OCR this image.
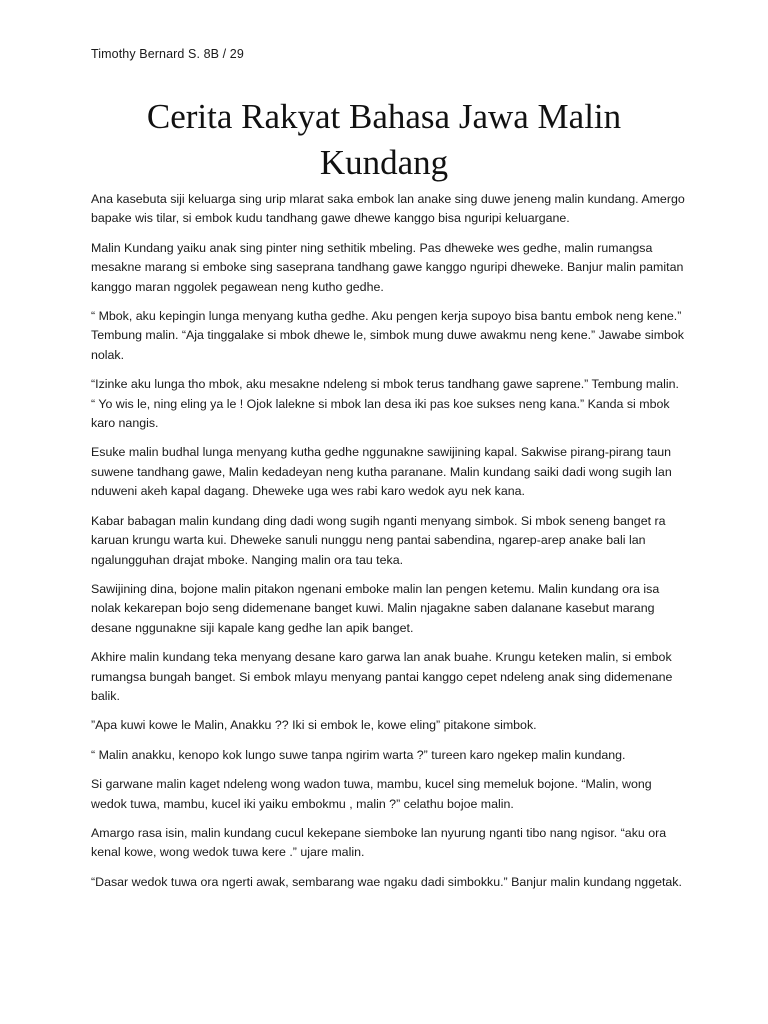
Timothy Bernard S. 8B / 29
Cerita Rakyat Bahasa Jawa Malin Kundang

Ana kasebuta siji keluarga sing urip mlarat saka embok lan anake sing duwe jeneng malin kundang. Amergo bapake wis tilar, si embok kudu tandhang gawe dhewe kanggo bisa nguripi keluargane.

Malin Kundang yaiku anak sing pinter ning sethitik mbeling. Pas dheweke wes gedhe, malin rumangsa mesakne marang si emboke sing saseprana tandhang gawe kanggo nguripi dheweke. Banjur malin pamitan kanggo maran nggolek pegawean neng kutho gedhe.

“ Mbok, aku kepingin lunga menyang kutha gedhe. Aku pengen kerja supoyo bisa bantu embok neng kene.” Tembung malin. “Aja tinggalake si mbok dhewe le, simbok mung duwe awakmu neng kene.” Jawabe simbok nolak.

“Izinke aku lunga tho mbok, aku mesakne ndeleng si mbok terus tandhang gawe saprene.” Tembung malin. “ Yo wis le, ning eling ya le ! Ojok lalekne si mbok lan desa iki pas koe sukses neng kana.” Kanda si mbok karo nangis.

Esuke malin budhal lunga menyang kutha gedhe nggunakne sawijining kapal. Sakwise pirang-pirang taun suwene tandhang gawe, Malin kedadeyan neng kutha paranane. Malin kundang saiki dadi wong sugih lan nduweni akeh kapal dagang. Dheweke uga wes rabi karo wedok ayu nek kana.

Kabar babagan malin kundang ding dadi wong sugih nganti menyang simbok. Si mbok seneng banget ra karuan krungu warta kui. Dheweke sanuli nunggu neng pantai sabendina, ngarep-arep anake bali lan ngalungguhan drajat mboke. Nanging malin ora tau teka.

Sawijining dina, bojone malin pitakon ngenani emboke malin lan pengen ketemu. Malin kundang ora isa nolak kekarepan bojo seng didemenane banget kuwi. Malin njagakne saben dalanane kasebut marang desane nggunakne siji kapale kang gedhe lan apik banget.

Akhire malin kundang teka menyang desane karo garwa lan anak buahe. Krungu keteken malin, si embok rumangsa bungah banget. Si embok mlayu menyang pantai kanggo cepet ndeleng anak sing didemenane balik.

”Apa kuwi kowe le Malin, Anakku ?? Iki si embok le, kowe eling” pitakone simbok.

“ Malin anakku, kenopo kok lungo suwe tanpa ngirim warta ?” tureen karo ngekep malin kundang.

Si garwane malin kaget ndeleng wong wadon tuwa, mambu, kucel sing memeluk bojone. “Malin, wong wedok tuwa, mambu, kucel iki yaiku embokmu , malin ?” celathu bojoe malin.

Amargo rasa isin, malin kundang cucul kekepane siemboke lan nyurung nganti tibo nang ngisor. “aku ora kenal kowe, wong wedok tuwa kere .” ujare malin.

“Dasar wedok tuwa ora ngerti awak, sembarang wae ngaku dadi simbokku.” Banjur malin kundang nggetak.
